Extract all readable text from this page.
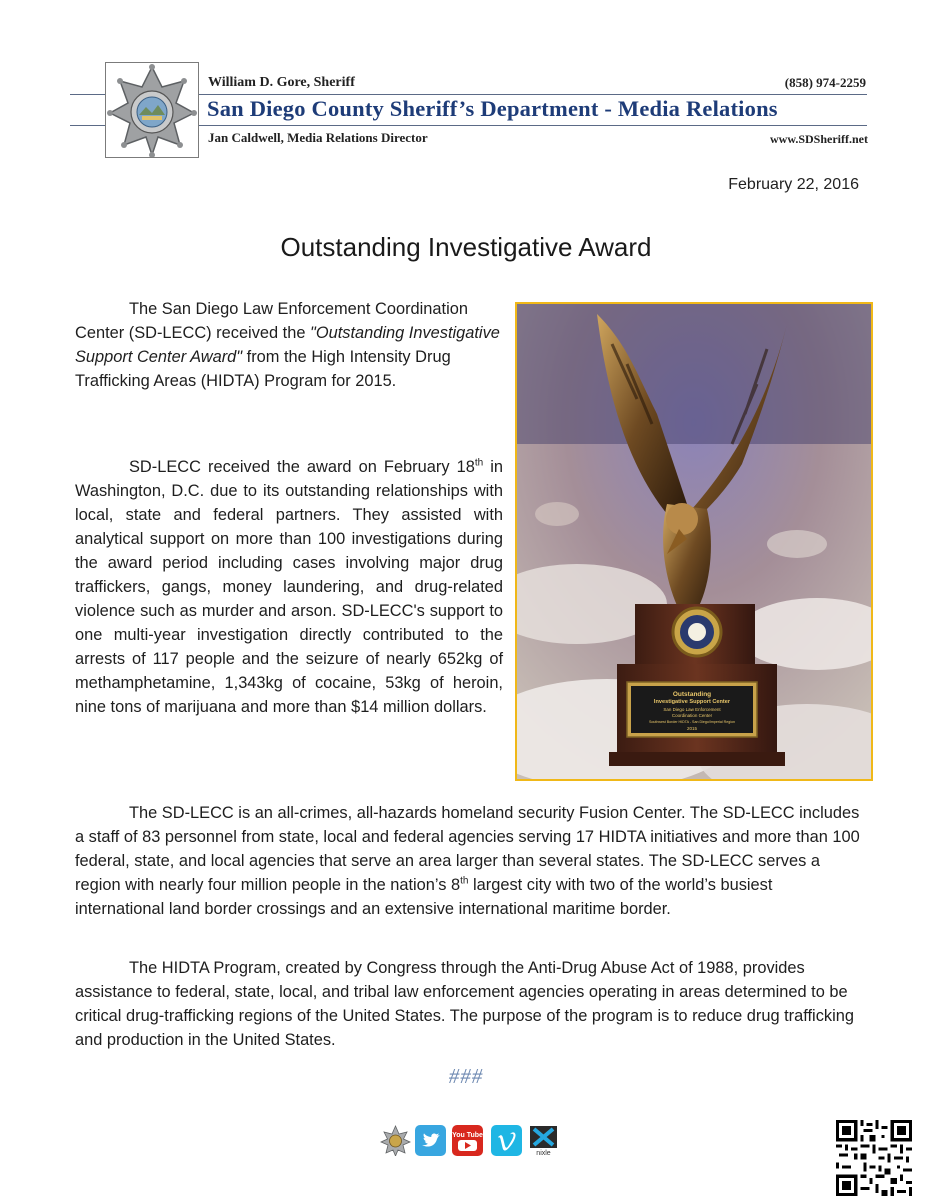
William D. Gore, Sheriff	(858) 974-2259
San Diego County Sheriff’s Department - Media Relations
Jan Caldwell, Media Relations Director	www.SDSheriff.net
February 22, 2016
Outstanding Investigative Award

The San Diego Law Enforcement Coordination Center (SD-LECC) received the "Outstanding Investigative Support Center Award" from the High Intensity Drug Trafficking Areas (HIDTA) Program for 2015.

SD-LECC received the award on February 18th in Washington, D.C. due to its outstanding relationships with local, state and federal partners. They assisted with analytical support on more than 100 investigations during the award period including cases involving major drug traffickers, gangs, money laundering, and drug-related violence such as murder and arson. SD-LECC's support to one multi-year investigation directly contributed to the arrests of 117 people and the seizure of nearly 652kg of methamphetamine, 1,343kg of cocaine, 53kg of heroin, nine tons of marijuana and more than $14 million dollars.

The SD-LECC is an all-crimes, all-hazards homeland security Fusion Center. The SD-LECC includes a staff of 83 personnel from state, local and federal agencies serving 17 HIDTA initiatives and more than 100 federal, state, and local agencies that serve an area larger than several states. The SD-LECC serves a region with nearly four million people in the nation’s 8th largest city with two of the world’s busiest international land border crossings and an extensive international maritime border.

The HIDTA Program, created by Congress through the Anti-Drug Abuse Act of 1988, provides assistance to federal, state, local, and tribal law enforcement agencies operating in areas determined to be critical drug-trafficking regions of the United States. The purpose of the program is to reduce drug trafficking and production in the United States.

###
Outstanding
Investigative Support Center
San Diego Law Enforcement
Coordination Center
Southwest Border HIDTA - San Diego/Imperial Region
2015
You Tube
nixle
